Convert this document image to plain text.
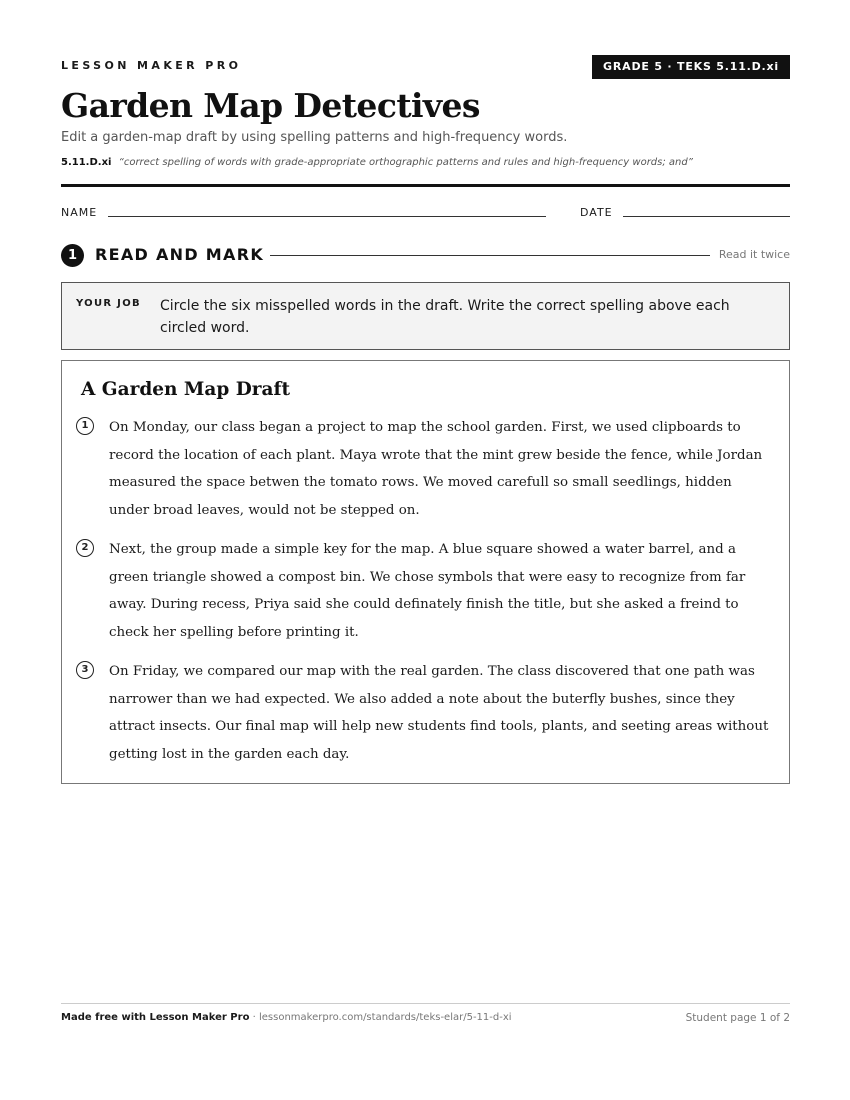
LESSON MAKER PRO	GRADE 5 · TEKS 5.11.D.xi
Garden Map Detectives
Edit a garden-map draft by using spelling patterns and high-frequency words.
5.11.D.xi “correct spelling of words with grade-appropriate orthographic patterns and rules and high-frequency words; and”
NAME	DATE
1	READ AND MARK	Read it twice
YOUR JOB Circle the six misspelled words in the draft. Write the correct spelling above each circled word.
A Garden Map Draft
1	On Monday, our class began a project to map the school garden. First, we used clipboards to record the location of each plant. Maya wrote that the mint grew beside the fence, while Jordan measured the space betwen the tomato rows. We moved carefull so small seedlings, hidden under broad leaves, would not be stepped on.

2	Next, the group made a simple key for the map. A blue square showed a water barrel, and a green triangle showed a compost bin. We chose symbols that were easy to recognize from far away. During recess, Priya said she could definately finish the title, but she asked a freind to check her spelling before printing it.

3	On Friday, we compared our map with the real garden. The class discovered that one path was narrower than we had expected. We also added a note about the buterfly bushes, since they attract insects. Our final map will help new students find tools, plants, and seeting areas without getting lost in the garden each day.

Made free with Lesson Maker Pro · lessonmakerpro.com/standards/teks-elar/5-11-d-xi	Student page 1 of 2
